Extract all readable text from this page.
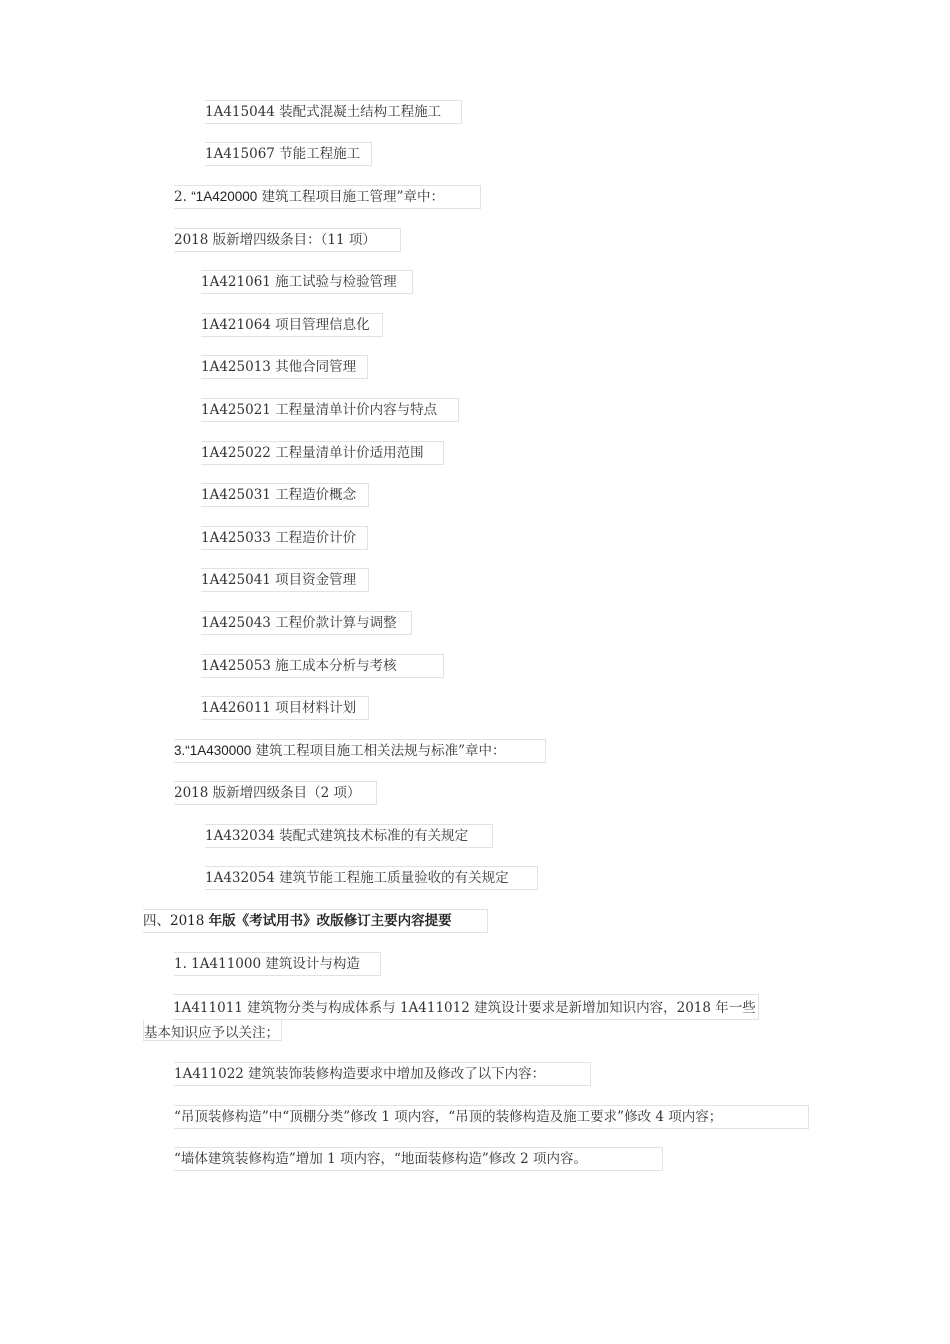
1A415044 装配式混凝土结构工程施工
1A415067 节能工程施工
2. “1A420000 建筑工程项目施工管理”章中：
2018 版新增四级条目：（11 项）
1A421061 施工试验与检验管理
1A421064 项目管理信息化
1A425013 其他合同管理
1A425021 工程量清单计价内容与特点
1A425022 工程量清单计价适用范围
1A425031 工程造价概念
1A425033 工程造价计价
1A425041 项目资金管理
1A425043 工程价款计算与调整
1A425053 施工成本分析与考核
1A426011 项目材料计划
3.“1A430000 建筑工程项目施工相关法规与标准”章中：
2018 版新增四级条目（2 项）
1A432034 装配式建筑技术标准的有关规定
1A432054 建筑节能工程施工质量验收的有关规定
四、2018 年版《考试用书》改版修订主要内容提要
1. 1A411000 建筑设计与构造
1A411011 建筑物分类与构成体系与 1A411012 建筑设计要求是新增加知识内容，2018 年一些
基本知识应予以关注；
1A411022 建筑装饰装修构造要求中增加及修改了以下内容：
“吊顶装修构造”中“顶棚分类”修改 1 项内容，“吊顶的装修构造及施工要求”修改 4 项内容；
“墙体建筑装修构造”增加 1 项内容，“地面装修构造”修改 2 项内容。
